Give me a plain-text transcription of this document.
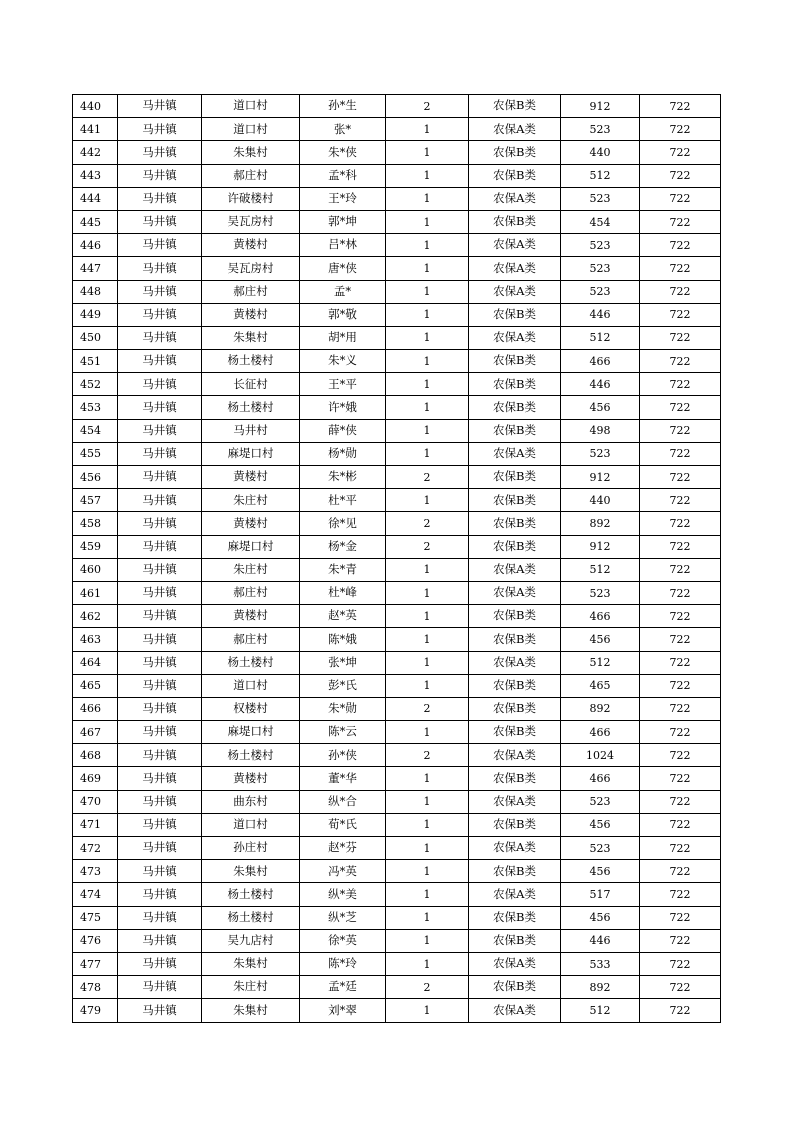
440	马井镇	道口村	孙*生	2	农保B类	912	722
441	马井镇	道口村	张*	1	农保A类	523	722
442	马井镇	朱集村	朱*侠	1	农保B类	440	722
443	马井镇	郝庄村	孟*科	1	农保B类	512	722
444	马井镇	许破楼村	王*玲	1	农保A类	523	722
445	马井镇	吴瓦房村	郭*坤	1	农保B类	454	722
446	马井镇	黄楼村	吕*林	1	农保A类	523	722
447	马井镇	吴瓦房村	唐*侠	1	农保A类	523	722
448	马井镇	郝庄村	孟*	1	农保A类	523	722
449	马井镇	黄楼村	郭*敬	1	农保B类	446	722
450	马井镇	朱集村	胡*用	1	农保A类	512	722
451	马井镇	杨土楼村	朱*义	1	农保B类	466	722
452	马井镇	长征村	王*平	1	农保B类	446	722
453	马井镇	杨土楼村	许*娥	1	农保B类	456	722
454	马井镇	马井村	薛*侠	1	农保B类	498	722
455	马井镇	麻堤口村	杨*勋	1	农保A类	523	722
456	马井镇	黄楼村	朱*彬	2	农保B类	912	722
457	马井镇	朱庄村	杜*平	1	农保B类	440	722
458	马井镇	黄楼村	徐*见	2	农保B类	892	722
459	马井镇	麻堤口村	杨*金	2	农保B类	912	722
460	马井镇	朱庄村	朱*青	1	农保A类	512	722
461	马井镇	郝庄村	杜*峰	1	农保A类	523	722
462	马井镇	黄楼村	赵*英	1	农保B类	466	722
463	马井镇	郝庄村	陈*娥	1	农保B类	456	722
464	马井镇	杨土楼村	张*坤	1	农保A类	512	722
465	马井镇	道口村	彭*氏	1	农保B类	465	722
466	马井镇	权楼村	朱*勋	2	农保B类	892	722
467	马井镇	麻堤口村	陈*云	1	农保B类	466	722
468	马井镇	杨土楼村	孙*侠	2	农保A类	1024	722
469	马井镇	黄楼村	董*华	1	农保B类	466	722
470	马井镇	曲东村	纵*合	1	农保A类	523	722
471	马井镇	道口村	荀*氏	1	农保B类	456	722
472	马井镇	孙庄村	赵*芬	1	农保A类	523	722
473	马井镇	朱集村	冯*英	1	农保B类	456	722
474	马井镇	杨土楼村	纵*美	1	农保A类	517	722
475	马井镇	杨土楼村	纵*芝	1	农保B类	456	722
476	马井镇	吴九店村	徐*英	1	农保B类	446	722
477	马井镇	朱集村	陈*玲	1	农保A类	533	722
478	马井镇	朱庄村	孟*廷	2	农保B类	892	722
479	马井镇	朱集村	刘*翠	1	农保A类	512	722
